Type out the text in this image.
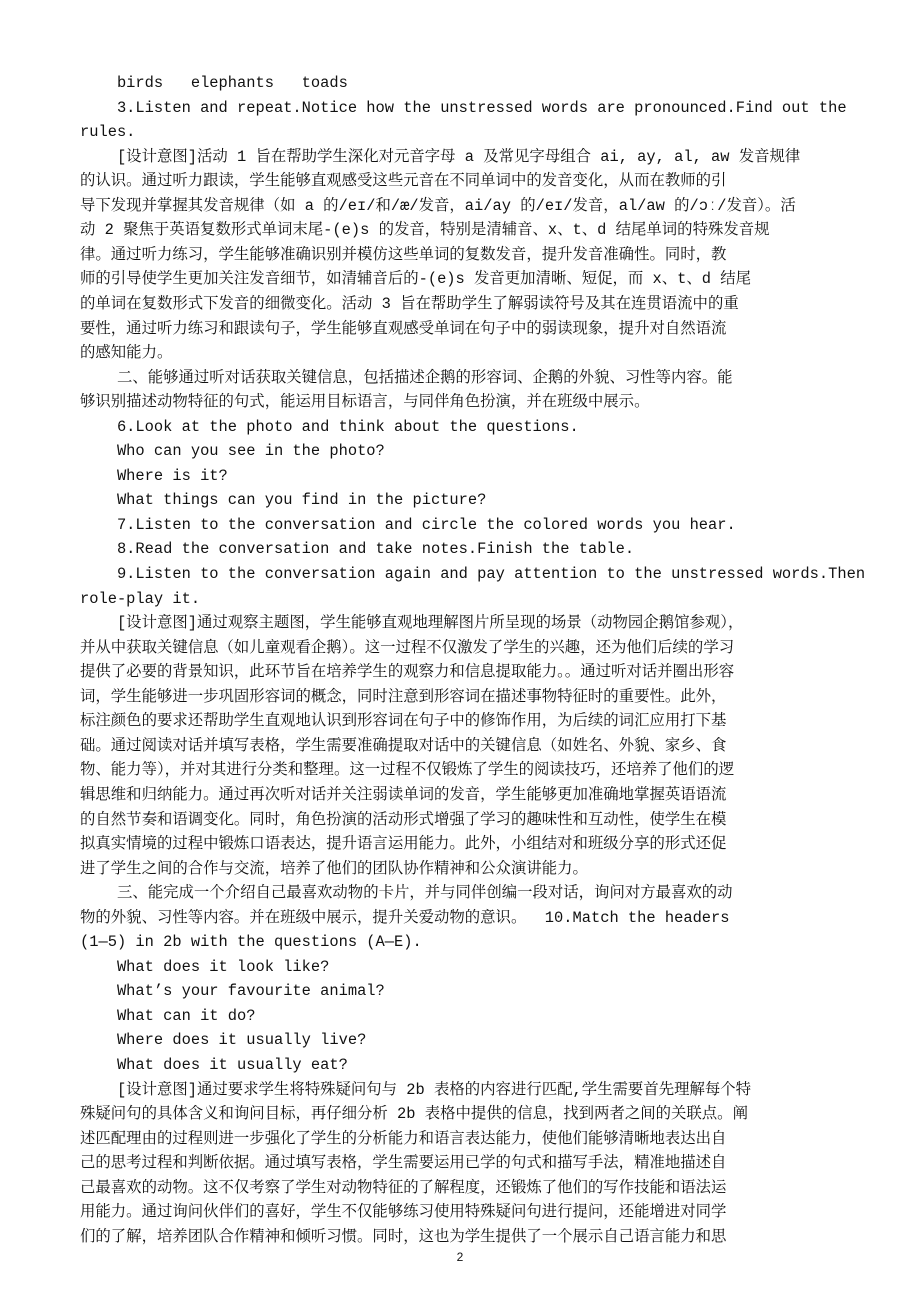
birds   elephants   toads
3.Listen and repeat.Notice how the unstressed words are pronounced.Find out the
rules.
[设计意图]活动 1 旨在帮助学生深化对元音字母 a 及常见字母组合 ai, ay, al, aw 发音规律
的认识。通过听力跟读，学生能够直观感受这些元音在不同单词中的发音变化，从而在教师的引
导下发现并掌握其发音规律（如 a 的/eɪ/和/æ/发音，ai/ay 的/eɪ/发音，al/aw 的/ɔː/发音）。活
动 2 聚焦于英语复数形式单词末尾-(e)s 的发音，特别是清辅音、x、t、d 结尾单词的特殊发音规
律。通过听力练习，学生能够准确识别并模仿这些单词的复数发音，提升发音准确性。同时，教
师的引导使学生更加关注发音细节，如清辅音后的-(e)s 发音更加清晰、短促，而 x、t、d 结尾
的单词在复数形式下发音的细微变化。活动 3 旨在帮助学生了解弱读符号及其在连贯语流中的重
要性，通过听力练习和跟读句子，学生能够直观感受单词在句子中的弱读现象，提升对自然语流
的感知能力。
二、能够通过听对话获取关键信息，包括描述企鹅的形容词、企鹅的外貌、习性等内容。能
够识别描述动物特征的句式，能运用目标语言，与同伴角色扮演，并在班级中展示。
6.Look at the photo and think about the questions.
Who can you see in the photo?
Where is it?
What things can you find in the picture?
7.Listen to the conversation and circle the colored words you hear.
8.Read the conversation and take notes.Finish the table.
9.Listen to the conversation again and pay attention to the unstressed words.Then
role-play it.
[设计意图]通过观察主题图，学生能够直观地理解图片所呈现的场景（动物园企鹅馆参观），
并从中获取关键信息（如儿童观看企鹅）。这一过程不仅激发了学生的兴趣，还为他们后续的学习
提供了必要的背景知识，此环节旨在培养学生的观察力和信息提取能力。。通过听对话并圈出形容
词，学生能够进一步巩固形容词的概念，同时注意到形容词在描述事物特征时的重要性。此外，
标注颜色的要求还帮助学生直观地认识到形容词在句子中的修饰作用，为后续的词汇应用打下基
础。通过阅读对话并填写表格，学生需要准确提取对话中的关键信息（如姓名、外貌、家乡、食
物、能力等），并对其进行分类和整理。这一过程不仅锻炼了学生的阅读技巧，还培养了他们的逻
辑思维和归纳能力。通过再次听对话并关注弱读单词的发音，学生能够更加准确地掌握英语语流
的自然节奏和语调变化。同时，角色扮演的活动形式增强了学习的趣味性和互动性，使学生在模
拟真实情境的过程中锻炼口语表达，提升语言运用能力。此外，小组结对和班级分享的形式还促
进了学生之间的合作与交流，培养了他们的团队协作精神和公众演讲能力。
三、能完成一个介绍自己最喜欢动物的卡片，并与同伴创编一段对话，询问对方最喜欢的动
物的外貌、习性等内容。并在班级中展示，提升关爱动物的意识。  10.Match the headers
(1—5) in 2b with the questions (A—E).
What does it look like?
What’s your favourite animal?
What can it do?
Where does it usually live?
What does it usually eat?
[设计意图]通过要求学生将特殊疑问句与 2b 表格的内容进行匹配,学生需要首先理解每个特
殊疑问句的具体含义和询问目标，再仔细分析 2b 表格中提供的信息，找到两者之间的关联点。阐
述匹配理由的过程则进一步强化了学生的分析能力和语言表达能力，使他们能够清晰地表达出自
己的思考过程和判断依据。通过填写表格，学生需要运用已学的句式和描写手法，精准地描述自
己最喜欢的动物。这不仅考察了学生对动物特征的了解程度，还锻炼了他们的写作技能和语法运
用能力。通过询问伙伴们的喜好，学生不仅能够练习使用特殊疑问句进行提问，还能增进对同学
们的了解，培养团队合作精神和倾听习惯。同时，这也为学生提供了一个展示自己语言能力和思
2
